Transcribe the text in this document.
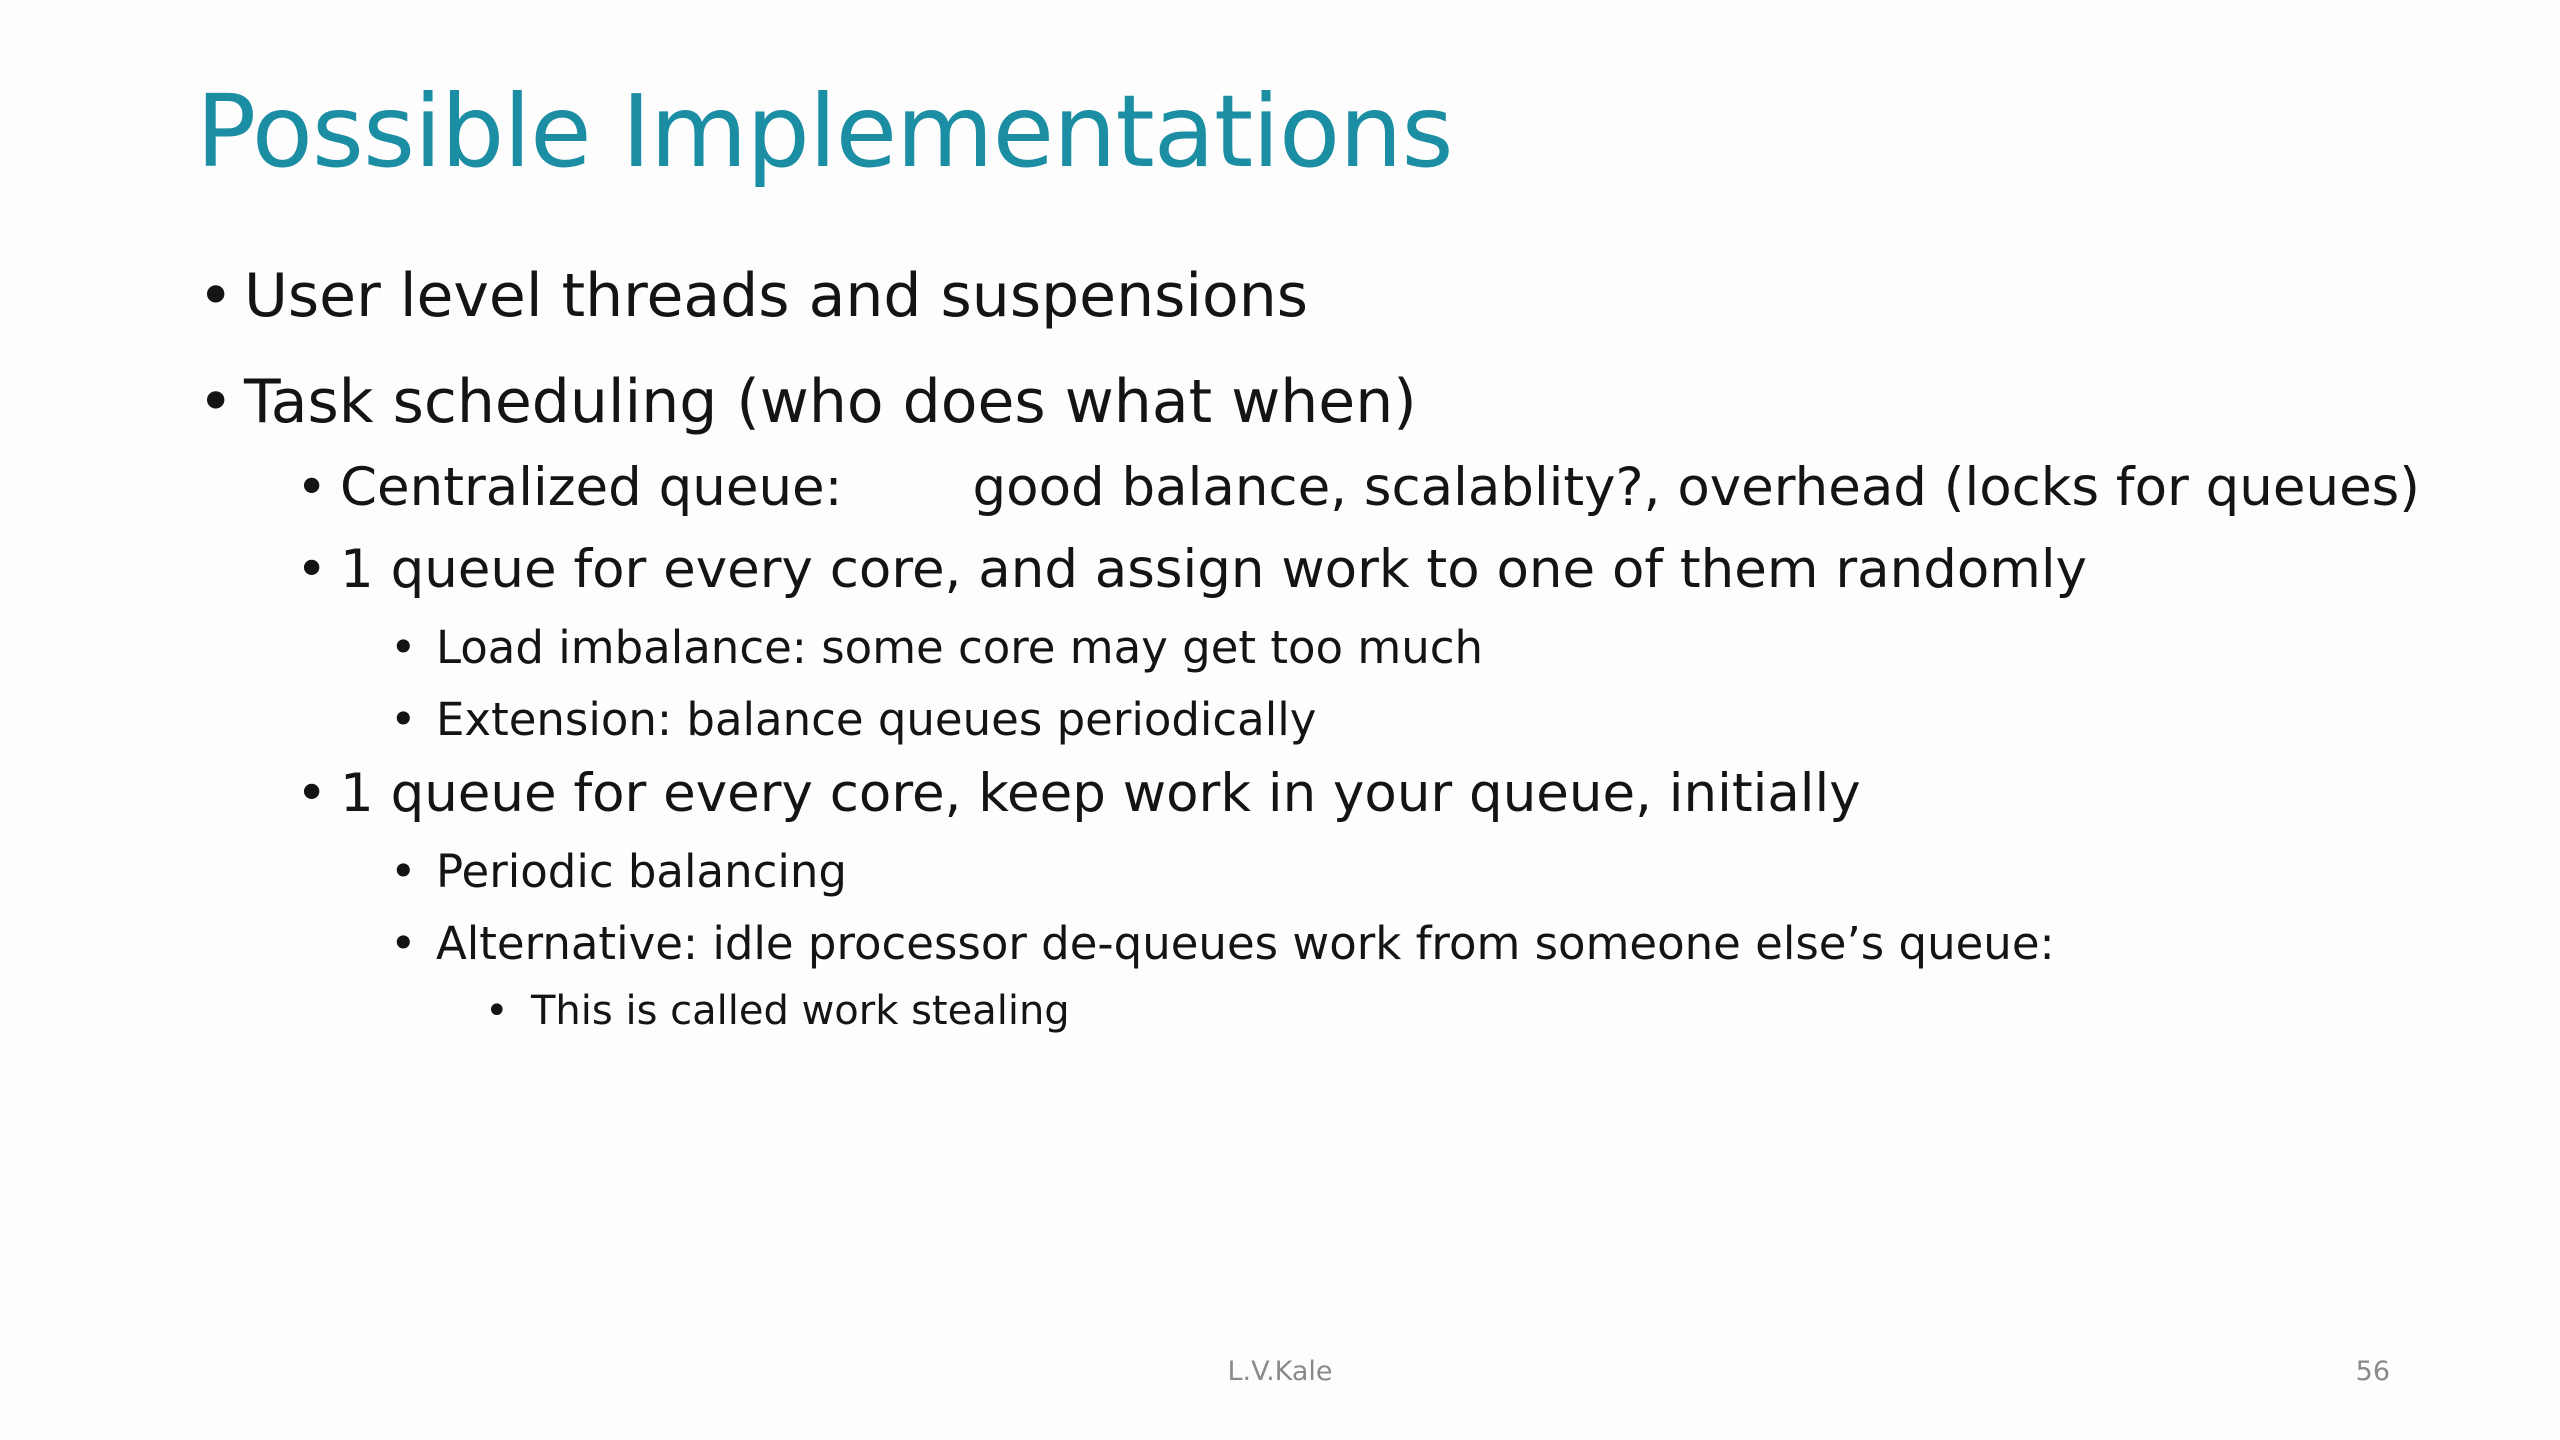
Possible Implementations
• User level threads and suspensions
• Task scheduling (who does what when)
• Centralized queue: good balance, scalablity?, overhead (locks for queues)
• 1 queue for every core, and assign work to one of them randomly
• Load imbalance: some core may get too much
• Extension: balance queues periodically
• 1 queue for every core, keep work in your queue, initially
• Periodic balancing
• Alternative: idle processor de-queues work from someone else’s queue:
• This is called work stealing
L.V.Kale	56
